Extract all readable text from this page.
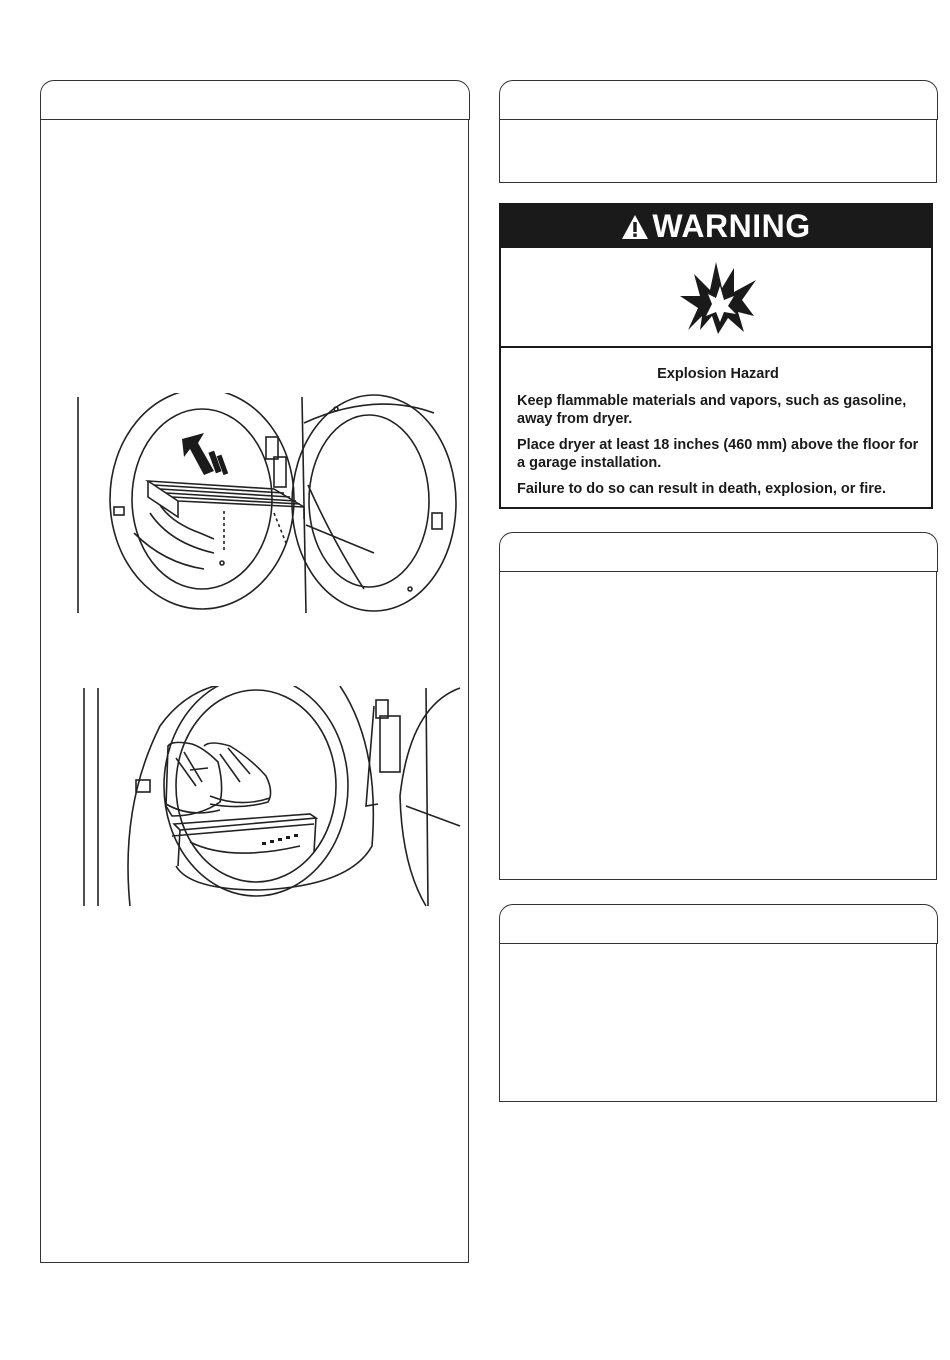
WARNING

Explosion Hazard

Keep flammable materials and vapors, such as gasoline, away from dryer.

Place dryer at least 18 inches (460 mm) above the floor for a garage installation.

Failure to do so can result in death, explosion, or fire.
